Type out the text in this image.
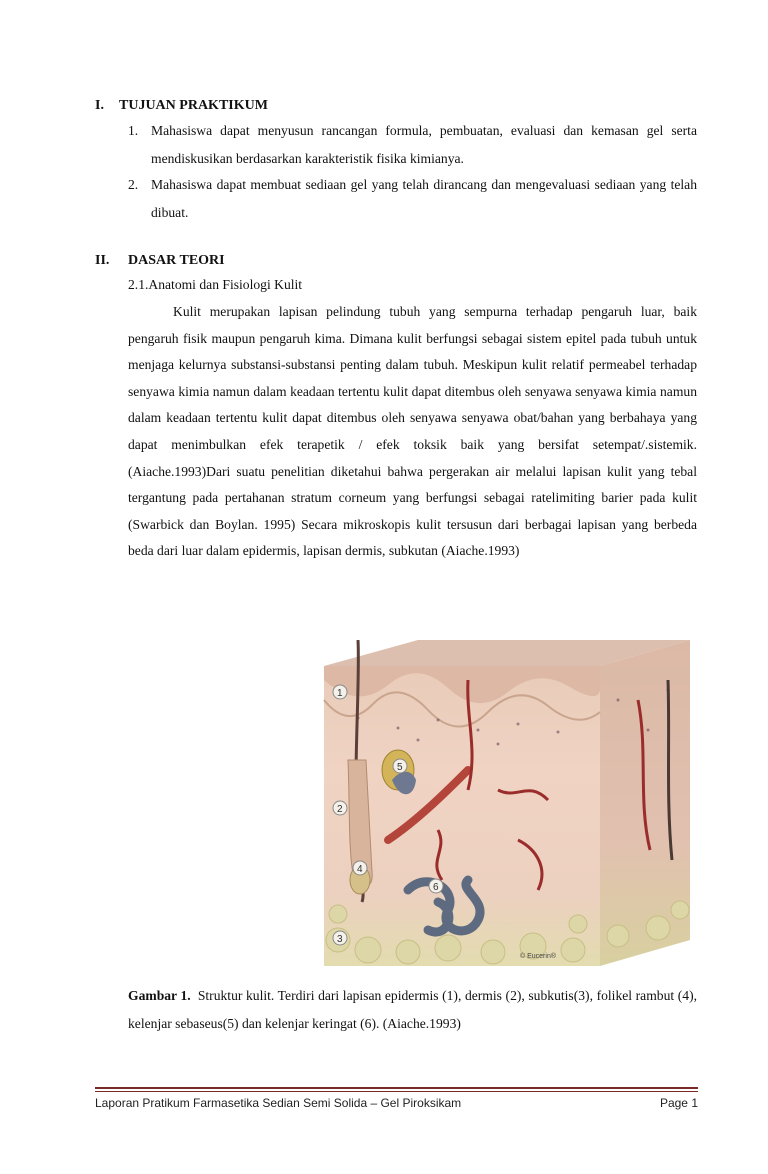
I. TUJUAN PRAKTIKUM
1. Mahasiswa dapat menyusun rancangan formula, pembuatan, evaluasi dan kemasan gel serta mendiskusikan berdasarkan karakteristik fisika kimianya.
2. Mahasiswa dapat membuat sediaan gel yang telah dirancang dan mengevaluasi sediaan yang telah dibuat.
II. DASAR TEORI
2.1.Anatomi dan Fisiologi Kulit
Kulit merupakan lapisan pelindung tubuh yang sempurna terhadap pengaruh luar, baik pengaruh fisik maupun pengaruh kima. Dimana kulit berfungsi sebagai sistem epitel pada tubuh untuk menjaga kelurnya substansi-substansi penting dalam tubuh. Meskipun kulit relatif permeabel terhadap senyawa kimia namun dalam keadaan tertentu kulit dapat ditembus oleh senyawa senyawa kimia namun dalam keadaan tertentu kulit dapat ditembus oleh senyawa senyawa obat/bahan yang berbahaya yang dapat menimbulkan efek terapetik / efek toksik baik yang bersifat setempat/.sistemik. (Aiache.1993)Dari suatu penelitian diketahui bahwa pergerakan air melalui lapisan kulit yang tebal tergantung pada pertahanan stratum corneum yang berfungsi sebagai ratelimiting barier pada kulit (Swarbick dan Boylan. 1995) Secara mikroskopis kulit tersusun dari berbagai lapisan yang berbeda beda dari luar dalam epidermis, lapisan dermis, subkutan (Aiache.1993)
1
2
3
4
5
6
© Eucerin®
Gambar 1. Struktur kulit. Terdiri dari lapisan epidermis (1), dermis (2), subkutis(3), folikel rambut (4), kelenjar sebaseus(5) dan kelenjar keringat (6). (Aiache.1993)
Laporan Pratikum Farmasetika Sedian Semi Solida – Gel Piroksikam	Page 1
